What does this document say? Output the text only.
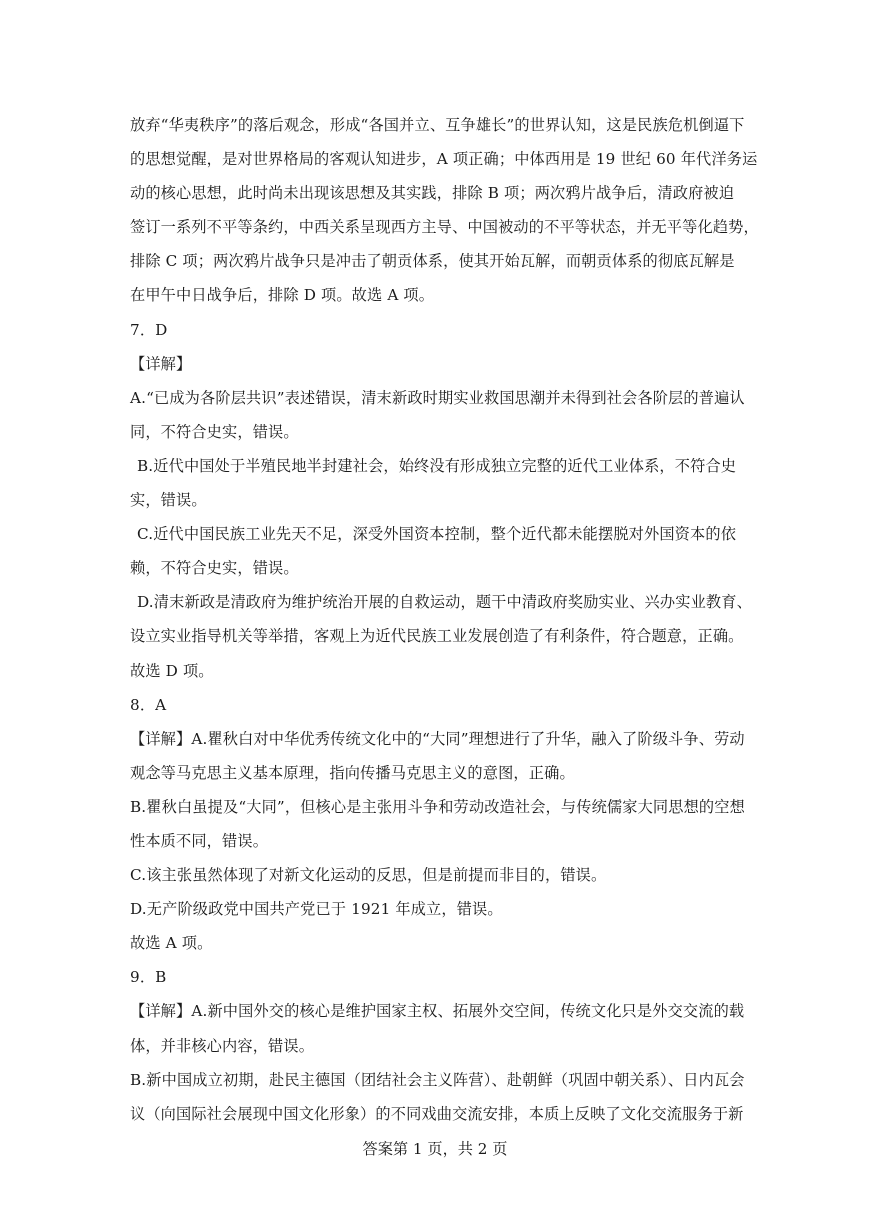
放弃“华夷秩序”的落后观念，形成“各国并立、互争雄长”的世界认知，这是民族危机倒逼下
的思想觉醒，是对世界格局的客观认知进步，A 项正确；中体西用是 19 世纪 60 年代洋务运
动的核心思想，此时尚未出现该思想及其实践，排除 B 项；两次鸦片战争后，清政府被迫
签订一系列不平等条约，中西关系呈现西方主导、中国被动的不平等状态，并无平等化趋势，
排除 C 项；两次鸦片战争只是冲击了朝贡体系，使其开始瓦解，而朝贡体系的彻底瓦解是
在甲午中日战争后，排除 D 项。故选 A 项。
7．D
【详解】
A.“已成为各阶层共识”表述错误，清末新政时期实业救国思潮并未得到社会各阶层的普遍认
同，不符合史实，错误。
B.近代中国处于半殖民地半封建社会，始终没有形成独立完整的近代工业体系，不符合史
实，错误。
C.近代中国民族工业先天不足，深受外国资本控制，整个近代都未能摆脱对外国资本的依
赖，不符合史实，错误。
D.清末新政是清政府为维护统治开展的自救运动，题干中清政府奖励实业、兴办实业教育、
设立实业指导机关等举措，客观上为近代民族工业发展创造了有利条件，符合题意，正确。
故选 D 项。
8．A
【详解】A.瞿秋白对中华优秀传统文化中的“大同”理想进行了升华，融入了阶级斗争、劳动
观念等马克思主义基本原理，指向传播马克思主义的意图，正确。
B.瞿秋白虽提及“大同”，但核心是主张用斗争和劳动改造社会，与传统儒家大同思想的空想
性本质不同，错误。
C.该主张虽然体现了对新文化运动的反思，但是前提而非目的，错误。
D.无产阶级政党中国共产党已于 1921 年成立，错误。
故选 A 项。
9．B
【详解】A.新中国外交的核心是维护国家主权、拓展外交空间，传统文化只是外交交流的载
体，并非核心内容，错误。
B.新中国成立初期，赴民主德国（团结社会主义阵营）、赴朝鲜（巩固中朝关系）、日内瓦会
议（向国际社会展现中国文化形象）的不同戏曲交流安排，本质上反映了文化交流服务于新
答案第 1 页，共 2 页
